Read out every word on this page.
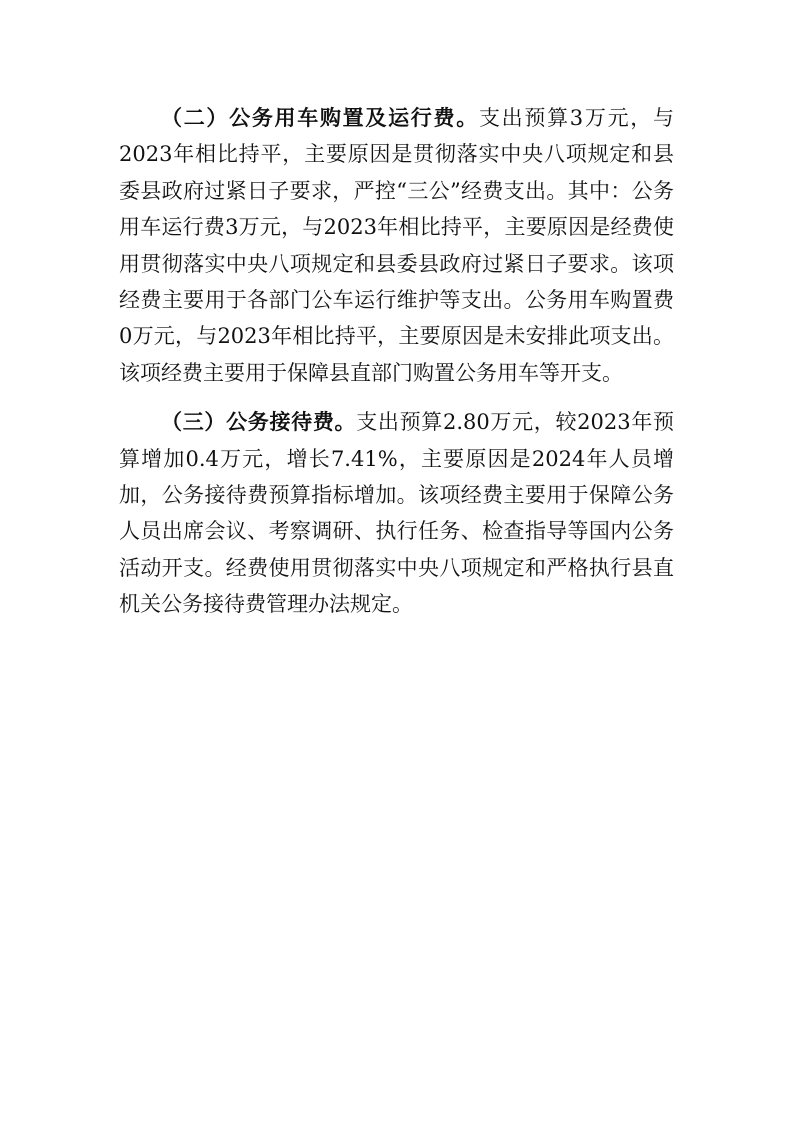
（二）公务用车购置及运行费。支出预算3万元，与2023年相比持平，主要原因是贯彻落实中央八项规定和县委县政府过紧日子要求，严控“三公”经费支出。其中：公务用车运行费3万元，与2023年相比持平，主要原因是经费使用贯彻落实中央八项规定和县委县政府过紧日子要求。该项经费主要用于各部门公车运行维护等支出。公务用车购置费0万元，与2023年相比持平，主要原因是未安排此项支出。该项经费主要用于保障县直部门购置公务用车等开支。

（三）公务接待费。支出预算2.80万元，较2023年预算增加0.4万元，增长7.41%，主要原因是2024年人员增加，公务接待费预算指标增加。该项经费主要用于保障公务人员出席会议、考察调研、执行任务、检查指导等国内公务活动开支。经费使用贯彻落实中央八项规定和严格执行县直机关公务接待费管理办法规定。
